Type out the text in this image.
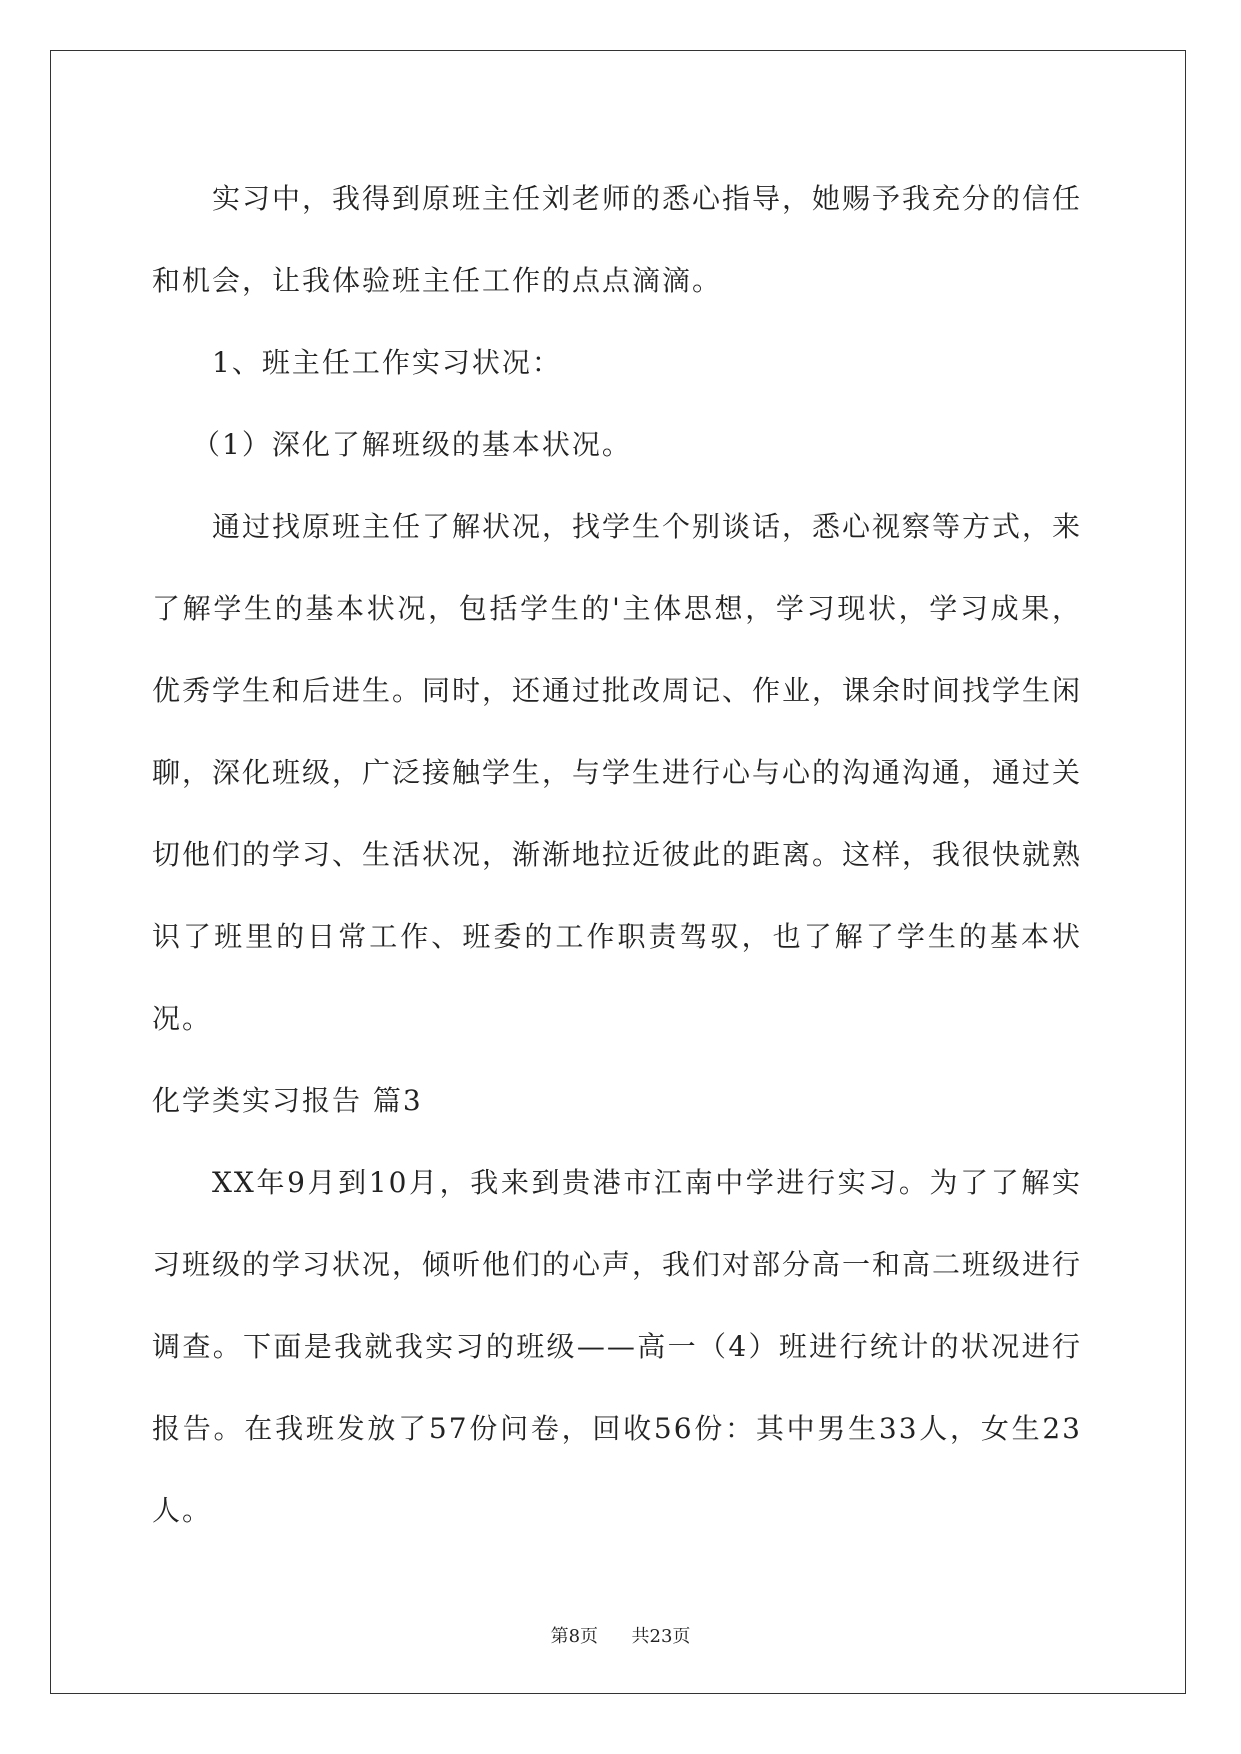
实习中，我得到原班主任刘老师的悉心指导，她赐予我充分的信任和机会，让我体验班主任工作的点点滴滴。

1、班主任工作实习状况：

（1）深化了解班级的基本状况。

通过找原班主任了解状况，找学生个别谈话，悉心视察等方式，来了解学生的基本状况，包括学生的'主体思想，学习现状，学习成果，优秀学生和后进生。同时，还通过批改周记、作业，课余时间找学生闲聊，深化班级，广泛接触学生，与学生进行心与心的沟通沟通，通过关切他们的学习、生活状况，渐渐地拉近彼此的距离。这样，我很快就熟识了班里的日常工作、班委的工作职责驾驭，也了解了学生的基本状况。

化学类实习报告 篇3

XX年9月到10月，我来到贵港市江南中学进行实习。为了了解实习班级的学习状况，倾听他们的心声，我们对部分高一和高二班级进行调查。下面是我就我实习的班级——高一（4）班进行统计的状况进行报告。在我班发放了57份问卷，回收56份：其中男生33人，女生23人。

第8页 共23页
